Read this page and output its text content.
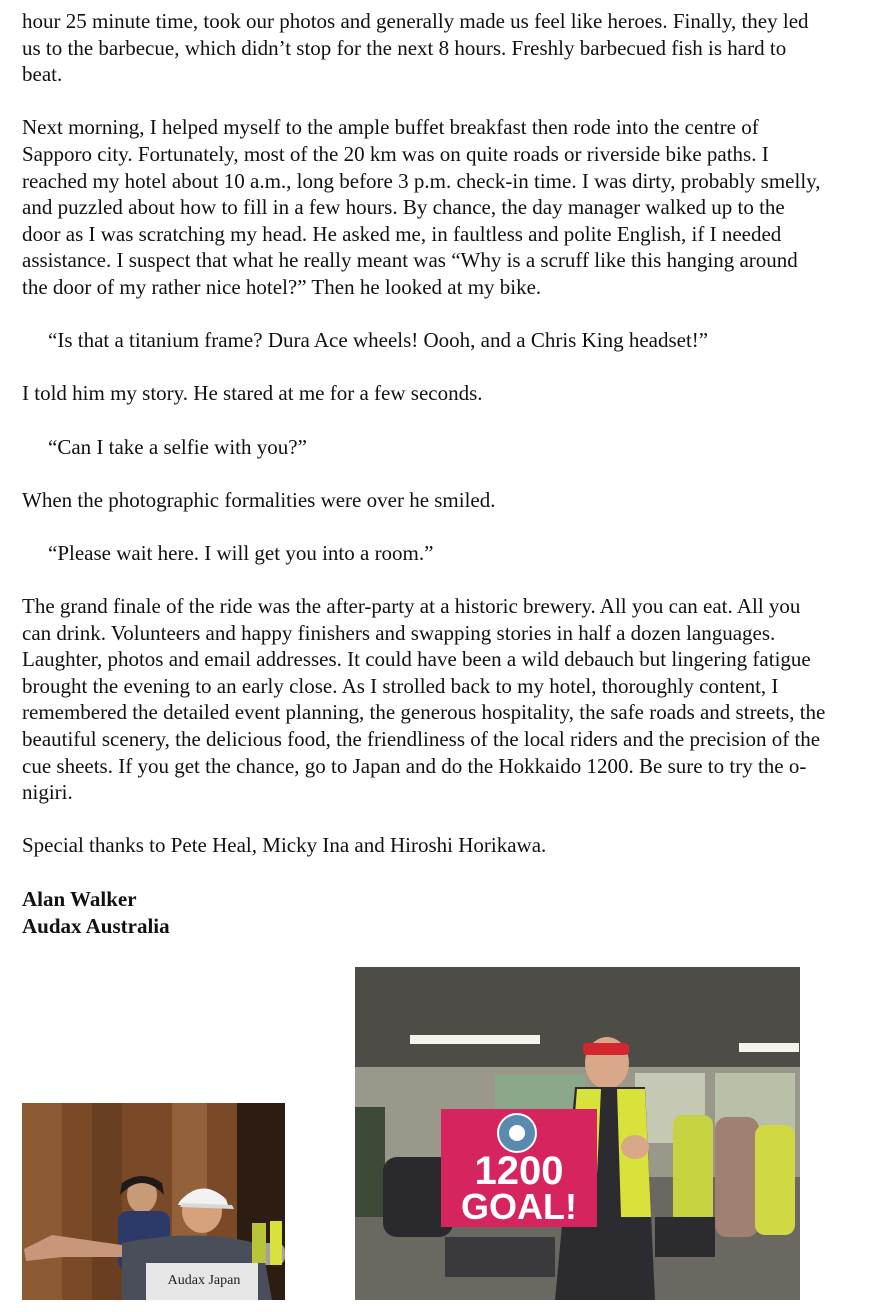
hour 25 minute time, took our photos and generally made us feel like heroes. Finally, they led us to the barbecue, which didn’t stop for the next 8 hours. Freshly barbecued fish is hard to beat.

Next morning, I helped myself to the ample buffet breakfast then rode into the centre of Sapporo city. Fortunately, most of the 20 km was on quite roads or riverside bike paths. I reached my hotel about 10 a.m., long before 3 p.m. check-in time. I was dirty, probably smelly, and puzzled about how to fill in a few hours. By chance, the day manager walked up to the door as I was scratching my head. He asked me, in faultless and polite English, if I needed assistance. I suspect that what he really meant was “Why is a scruff like this hanging around the door of my rather nice hotel?” Then he looked at my bike.

“Is that a titanium frame? Dura Ace wheels! Oooh, and a Chris King headset!”

I told him my story. He stared at me for a few seconds.

“Can I take a selfie with you?”

When the photographic formalities were over he smiled.

“Please wait here. I will get you into a room.”

The grand finale of the ride was the after-party at a historic brewery. All you can eat. All you can drink. Volunteers and happy finishers and swapping stories in half a dozen languages. Laughter, photos and email addresses. It could have been a wild debauch but lingering fatigue brought the evening to an early close. As I strolled back to my hotel, thoroughly content, I remembered the detailed event planning, the generous hospitality, the safe roads and streets, the beautiful scenery, the delicious food, the friendliness of the local riders and the precision of the cue sheets. If you get the chance, go to Japan and do the Hokkaido 1200. Be sure to try the o-nigiri.

Special thanks to Pete Heal, Micky Ina and Hiroshi Horikawa.

Alan Walker

Audax Australia

Audax Japan
1200
GOAL!
